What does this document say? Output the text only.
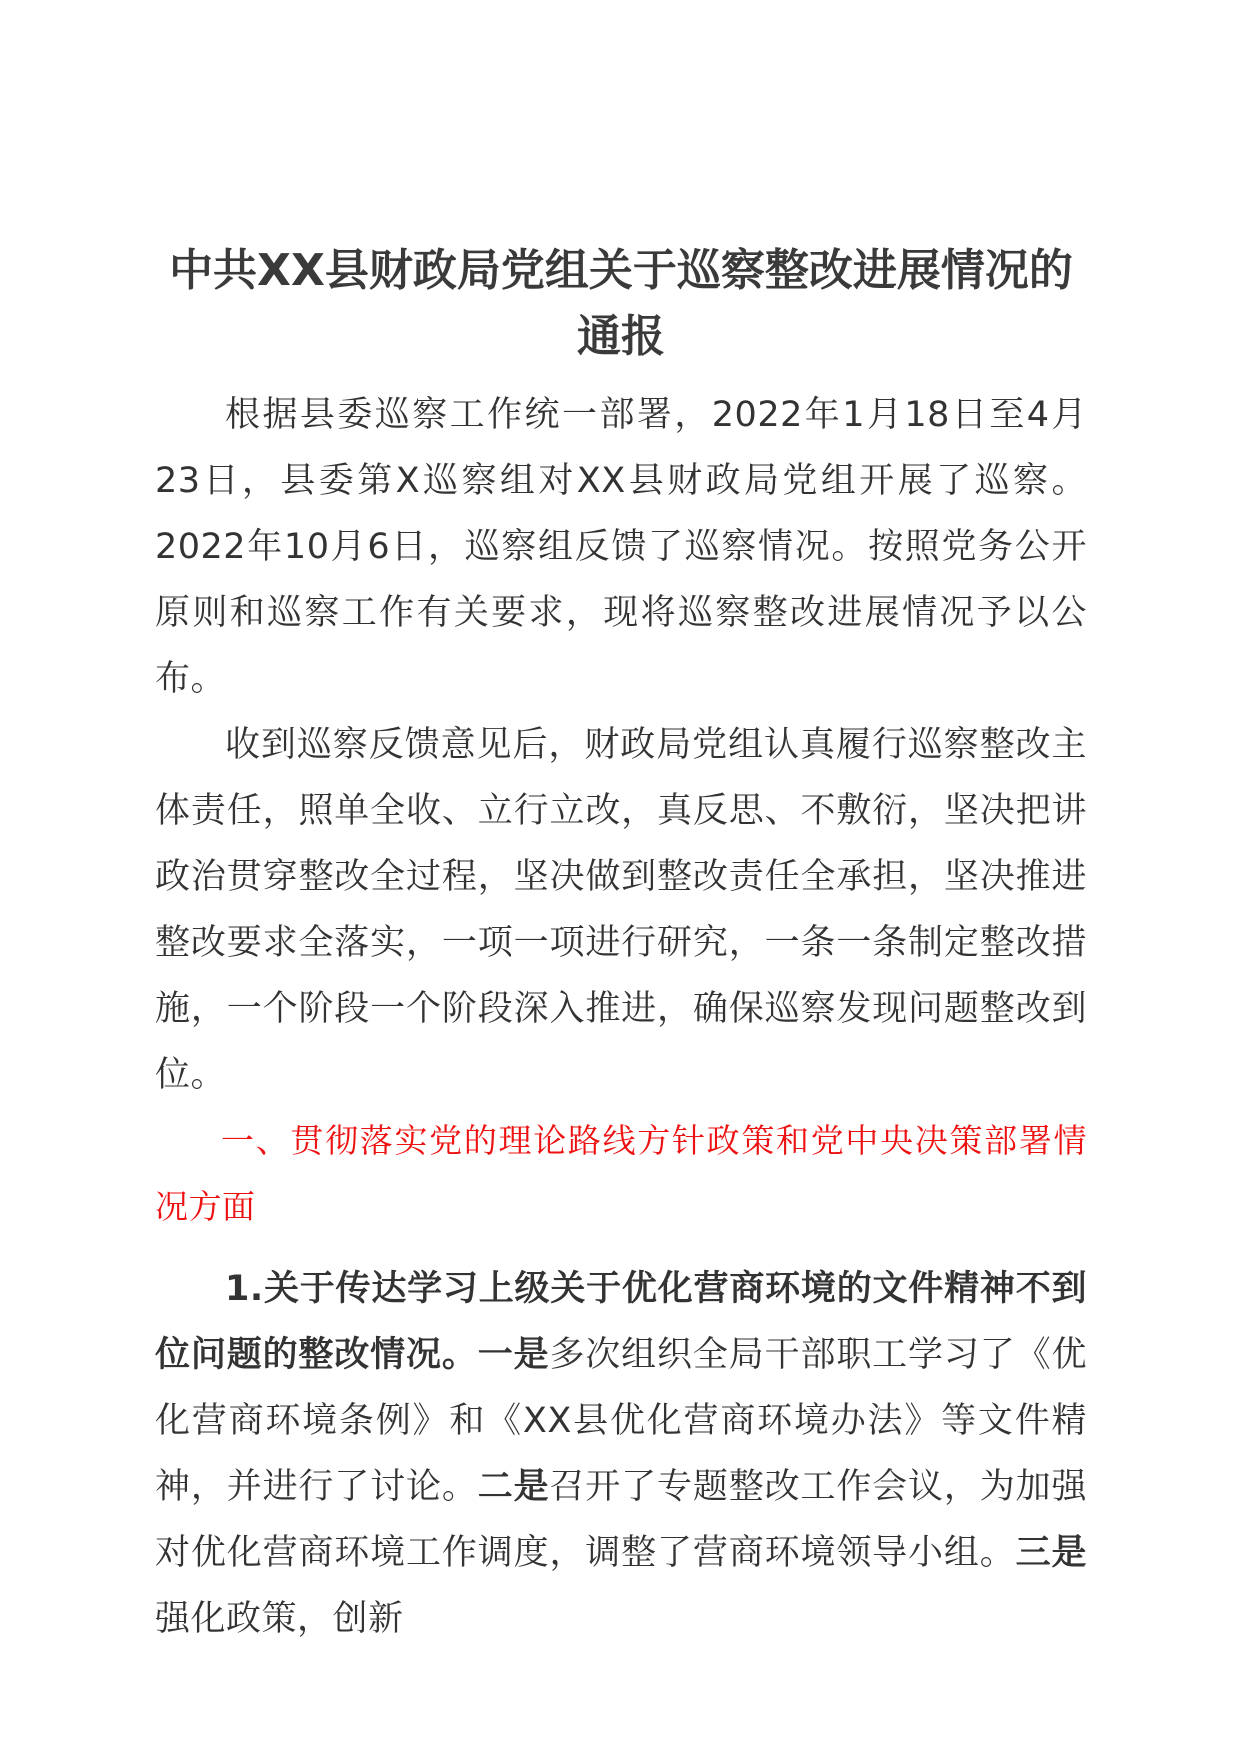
中共XX县财政局党组关于巡察整改进展情况的通报

根据县委巡察工作统一部署，2022年1月18日至4月23日，县委第X巡察组对XX县财政局党组开展了巡察。2022年10月6日，巡察组反馈了巡察情况。按照党务公开原则和巡察工作有关要求，现将巡察整改进展情况予以公布。

收到巡察反馈意见后，财政局党组认真履行巡察整改主体责任，照单全收、立行立改，真反思、不敷衍，坚决把讲政治贯穿整改全过程，坚决做到整改责任全承担，坚决推进整改要求全落实，一项一项进行研究，一条一条制定整改措施，一个阶段一个阶段深入推进，确保巡察发现问题整改到位。

一、贯彻落实党的理论路线方针政策和党中央决策部署情况方面

1.关于传达学习上级关于优化营商环境的文件精神不到位问题的整改情况。一是多次组织全局干部职工学习了《优化营商环境条例》和《XX县优化营商环境办法》等文件精神，并进行了讨论。二是召开了专题整改工作会议，为加强对优化营商环境工作调度，调整了营商环境领导小组。三是强化政策，创新
